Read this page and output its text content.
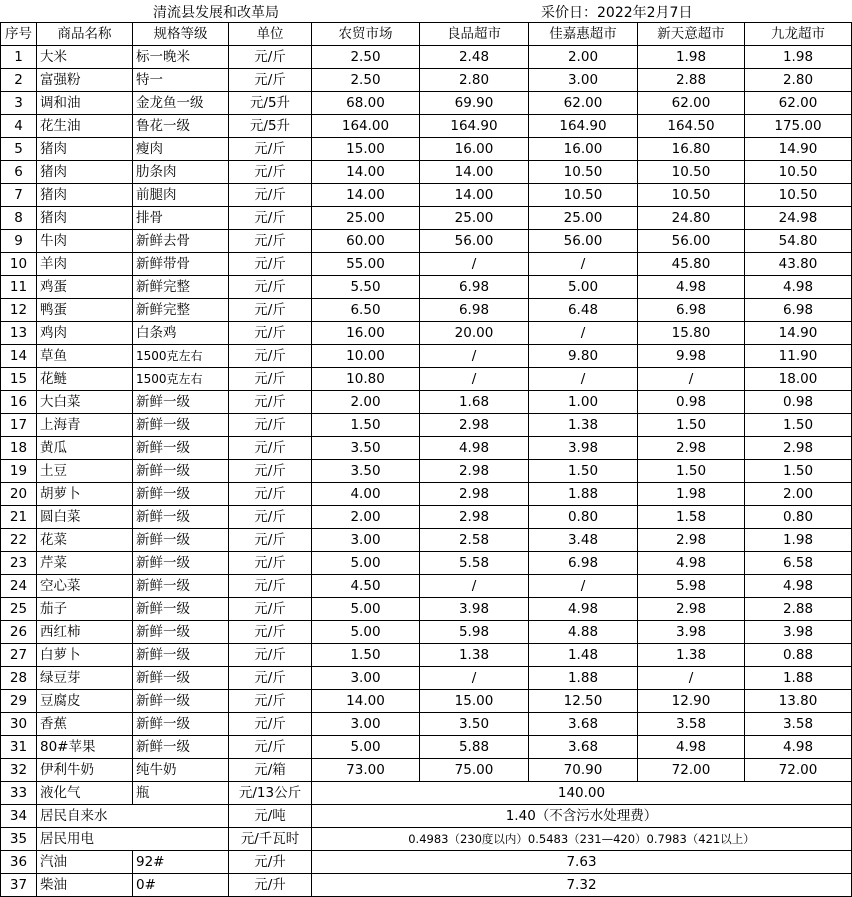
清流县发展和改革局	采价日：2022年2月7日
序号	商品名称	规格等级	单位	农贸市场	良品超市	佳嘉惠超市	新天意超市	九龙超市
1	大米	标一晚米	元/斤	2.50	2.48	2.00	1.98	1.98
2	富强粉	特一	元/斤	2.50	2.80	3.00	2.88	2.80
3	调和油	金龙鱼一级	元/5升	68.00	69.90	62.00	62.00	62.00
4	花生油	鲁花一级	元/5升	164.00	164.90	164.90	164.50	175.00
5	猪肉	瘦肉	元/斤	15.00	16.00	16.00	16.80	14.90
6	猪肉	肋条肉	元/斤	14.00	14.00	10.50	10.50	10.50
7	猪肉	前腿肉	元/斤	14.00	14.00	10.50	10.50	10.50
8	猪肉	排骨	元/斤	25.00	25.00	25.00	24.80	24.98
9	牛肉	新鲜去骨	元/斤	60.00	56.00	56.00	56.00	54.80
10	羊肉	新鲜带骨	元/斤	55.00	/	/	45.80	43.80
11	鸡蛋	新鲜完整	元/斤	5.50	6.98	5.00	4.98	4.98
12	鸭蛋	新鲜完整	元/斤	6.50	6.98	6.48	6.98	6.98
13	鸡肉	白条鸡	元/斤	16.00	20.00	/	15.80	14.90
14	草鱼	1500克左右	元/斤	10.00	/	9.80	9.98	11.90
15	花鲢	1500克左右	元/斤	10.80	/	/	/	18.00
16	大白菜	新鲜一级	元/斤	2.00	1.68	1.00	0.98	0.98
17	上海青	新鲜一级	元/斤	1.50	2.98	1.38	1.50	1.50
18	黄瓜	新鲜一级	元/斤	3.50	4.98	3.98	2.98	2.98
19	土豆	新鲜一级	元/斤	3.50	2.98	1.50	1.50	1.50
20	胡萝卜	新鲜一级	元/斤	4.00	2.98	1.88	1.98	2.00
21	圆白菜	新鲜一级	元/斤	2.00	2.98	0.80	1.58	0.80
22	花菜	新鲜一级	元/斤	3.00	2.58	3.48	2.98	1.98
23	芹菜	新鲜一级	元/斤	5.00	5.58	6.98	4.98	6.58
24	空心菜	新鲜一级	元/斤	4.50	/	/	5.98	4.98
25	茄子	新鲜一级	元/斤	5.00	3.98	4.98	2.98	2.88
26	西红柿	新鲜一级	元/斤	5.00	5.98	4.88	3.98	3.98
27	白萝卜	新鲜一级	元/斤	1.50	1.38	1.48	1.38	0.88
28	绿豆芽	新鲜一级	元/斤	3.00	/	1.88	/	1.88
29	豆腐皮	新鲜一级	元/斤	14.00	15.00	12.50	12.90	13.80
30	香蕉	新鲜一级	元/斤	3.00	3.50	3.68	3.58	3.58
31	80#苹果	新鲜一级	元/斤	5.00	5.88	3.68	4.98	4.98
32	伊利牛奶	纯牛奶	元/箱	73.00	75.00	70.90	72.00	72.00
33	液化气	瓶	元/13公斤	140.00				
34	居民自来水		元/吨	1.40（不含污水处理费）				
35	居民用电		元/千瓦时	0.4983（230度以内）0.5483（231—420）0.7983（421以上）				
36	汽油	92#	元/升	7.63				
37	柴油	0#	元/升	7.32				
